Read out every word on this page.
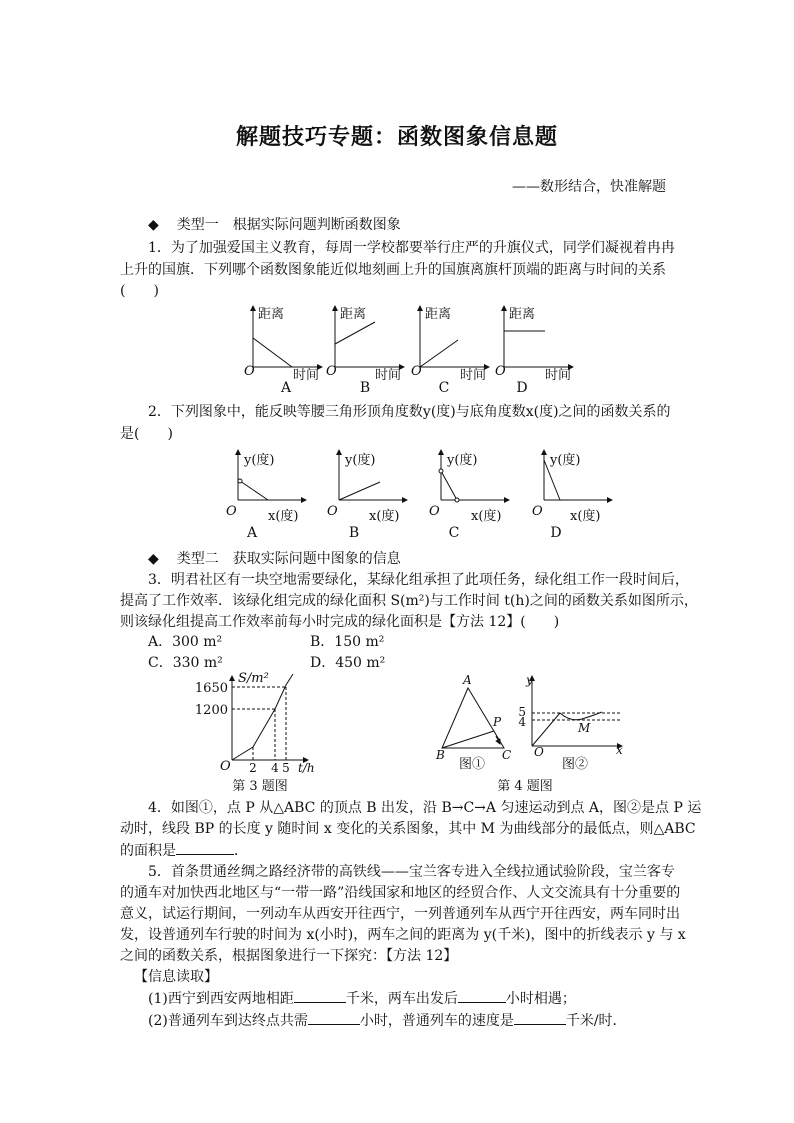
解题技巧专题：函数图象信息题
——数形结合，快准解题
◆ 类型一　根据实际问题判断函数图象
1．为了加强爱国主义教育，每周一学校都要举行庄严的升旗仪式，同学们凝视着冉冉
上升的国旗．下列哪个函数图象能近似地刻画上升的国旗离旗杆顶端的距离与时间的关系
(　　)
距离
时间
O
A
距离
时间
O
B
距离
时间
O
C
距离
时间
O
D
2．下列图象中，能反映等腰三角形顶角度数y(度)与底角度数x(度)之间的函数关系的
是(　　)
y(度)
x(度)
O
A
y(度)
x(度)
O
B
y(度)
x(度)
O
C
y(度)
x(度)
O
D
◆ 类型二　获取实际问题中图象的信息
3．明君社区有一块空地需要绿化，某绿化组承担了此项任务，绿化组工作一段时间后，
提高了工作效率．该绿化组完成的绿化面积 S(m²)与工作时间 t(h)之间的函数关系如图所示，
则该绿化组提高工作效率前每小时完成的绿化面积是【方法 12】(　　)
A．300 m²	B．150 m²
C．330 m²	D．450 m²
S/m²
1650
1200
O 2 4 5 t/h
第 3 题图
A
B	C
P
图①
y
x
O
5
4	M
图②
第 4 题图
4．如图①，点 P 从△ABC 的顶点 B 出发，沿 B→C→A 匀速运动到点 A，图②是点 P 运
动时，线段 BP 的长度 y 随时间 x 变化的关系图象，其中 M 为曲线部分的最低点，则△ABC
的面积是	．
5．首条贯通丝绸之路经济带的高铁线——宝兰客专进入全线拉通试验阶段，宝兰客专
的通车对加快西北地区与“一带一路”沿线国家和地区的经贸合作、人文交流具有十分重要的
意义，试运行期间，一列动车从西安开往西宁，一列普通列车从西宁开往西安，两车同时出
发，设普通列车行驶的时间为 x(小时)，两车之间的距离为 y(千米)，图中的折线表示 y 与 x
之间的函数关系，根据图象进行一下探究：【方法 12】
【信息读取】
(1)西宁到西安两地相距	千米，两车出发后	小时相遇；
(2)普通列车到达终点共需	小时，普通列车的速度是	千米/时．
